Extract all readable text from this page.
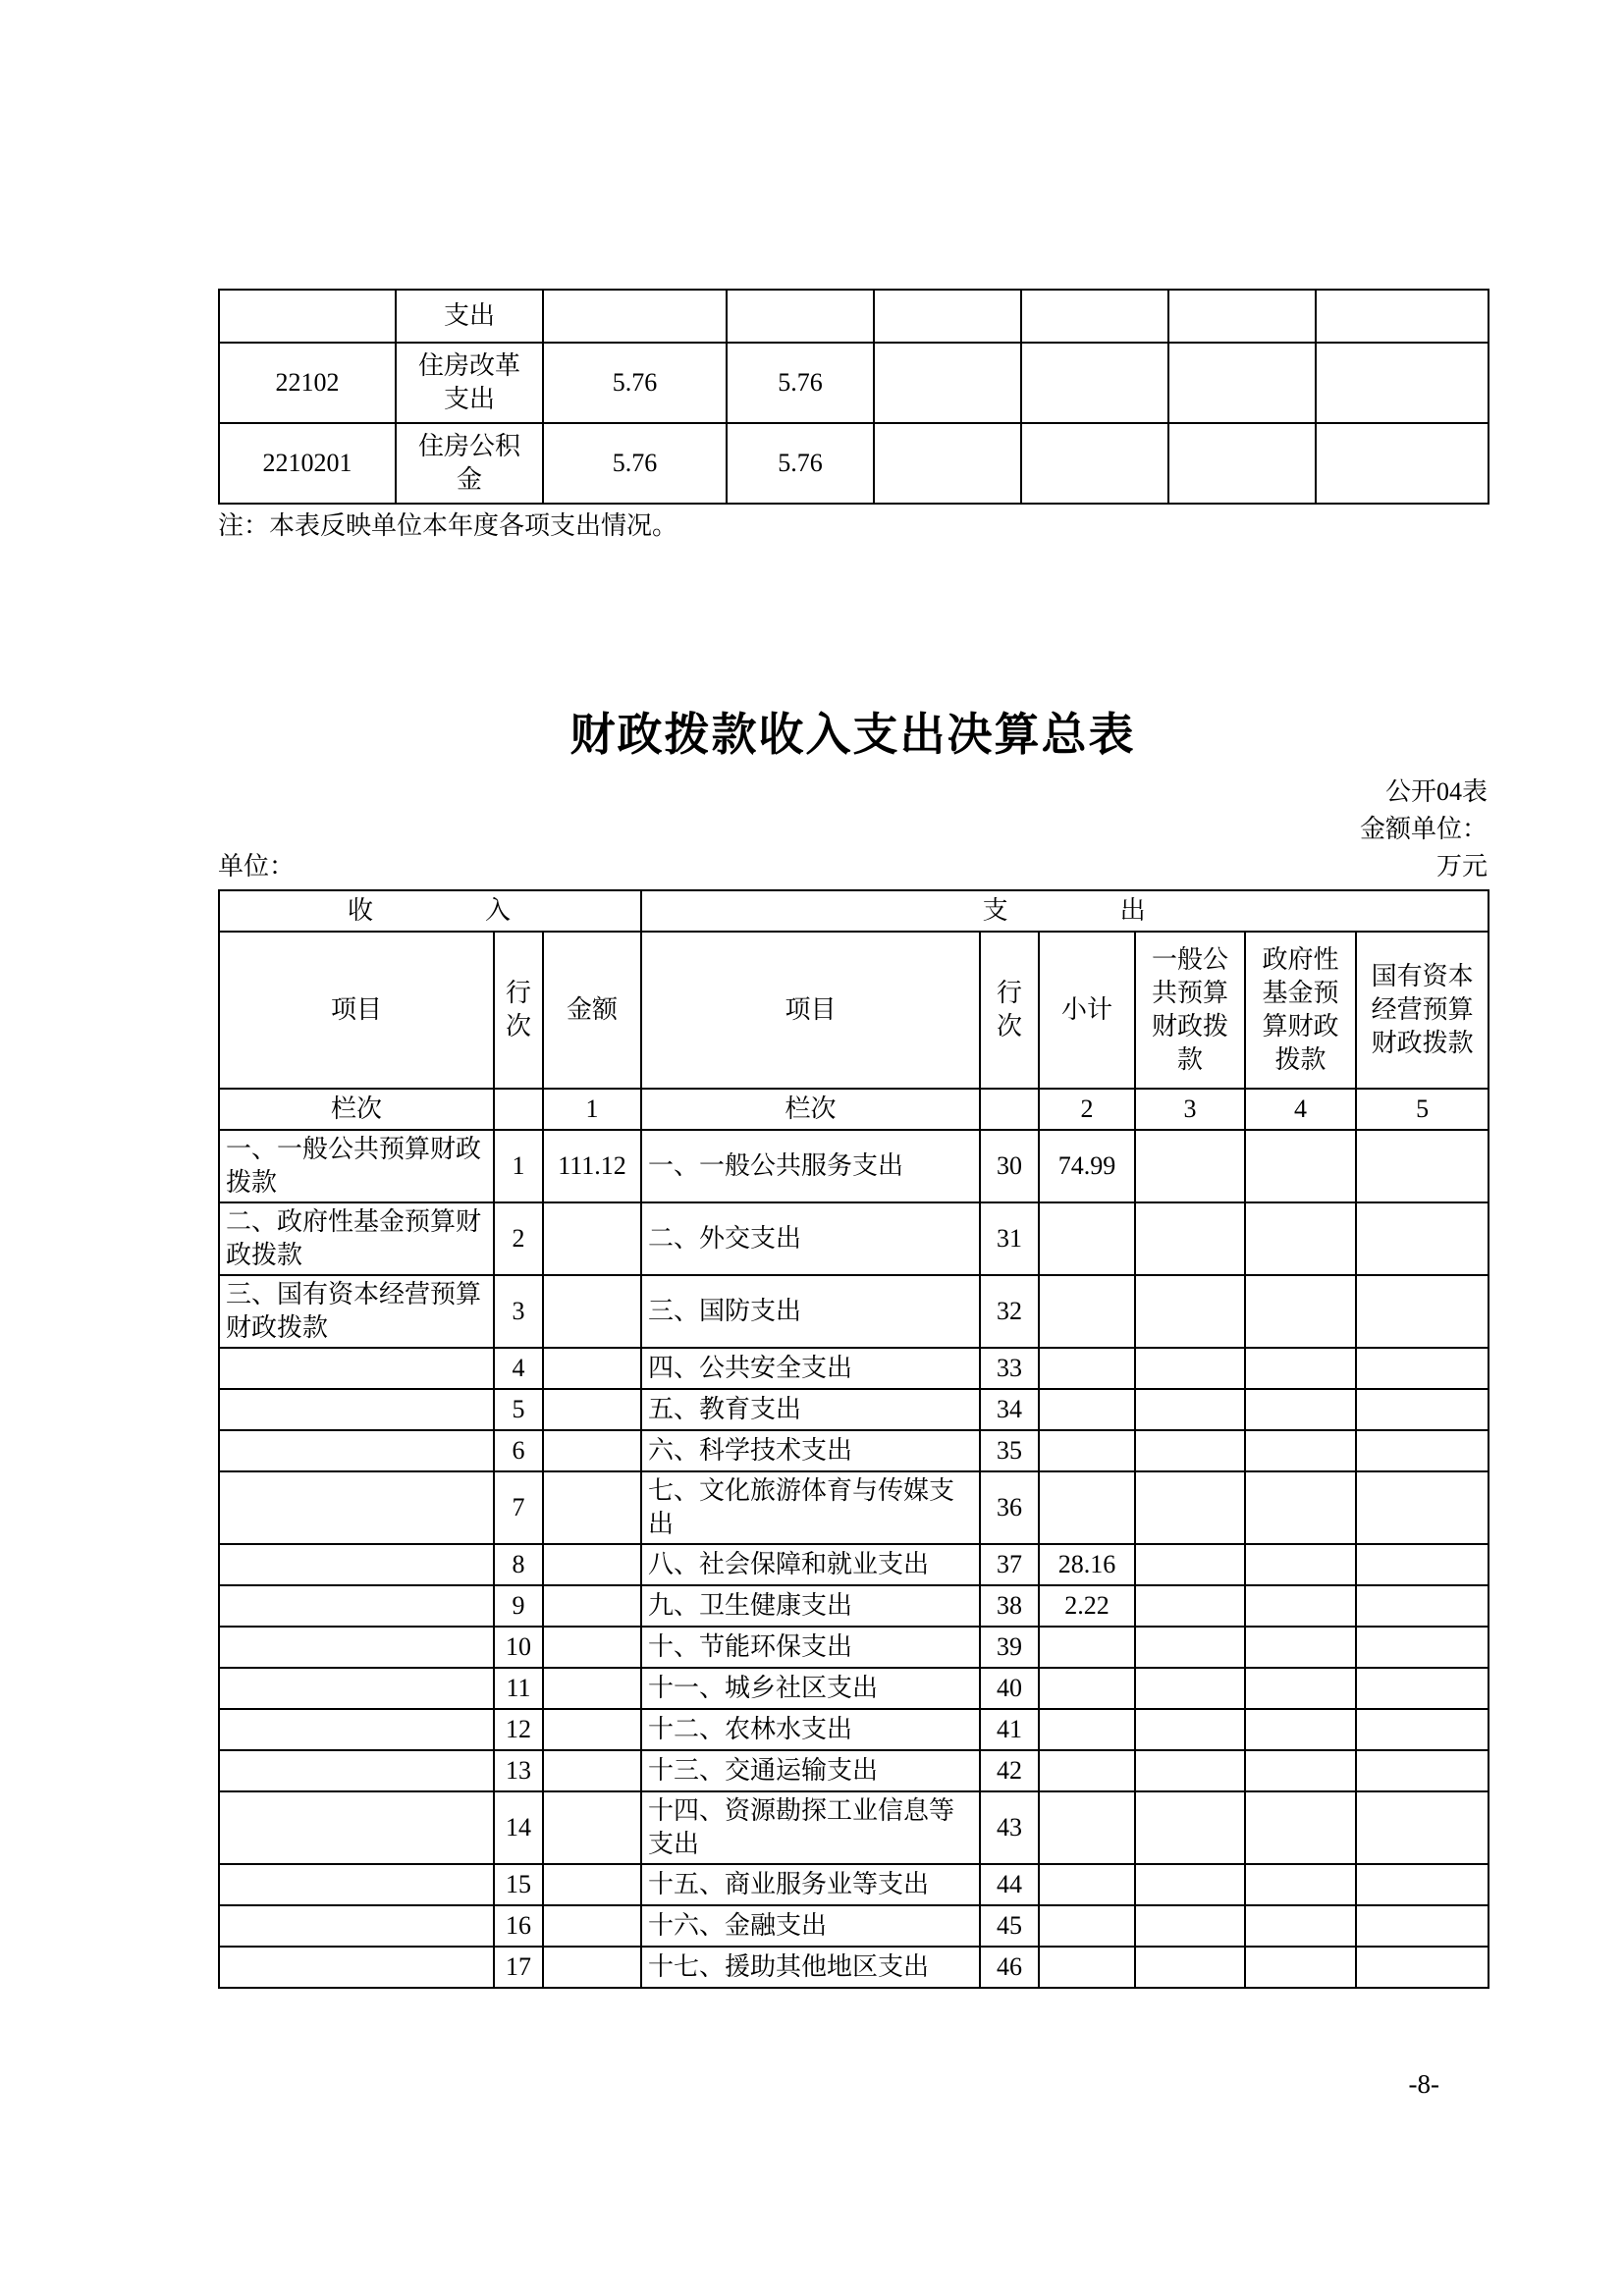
	支出						
22102	住房改革支出	5.76	5.76				
2210201	住房公积金	5.76	5.76				
注：本表反映单位本年度各项支出情况。
财政拨款收入支出决算总表
公开04表
金额单位：
单位：	万元
收　　　　入			支　　　　出					
项目	行次	金额	项目	行次	小计	一般公共预算财政拨款	政府性基金预算财政拨款	国有资本经营预算财政拨款
栏次		1	栏次		2	3	4	5
一、一般公共预算财政拨款	1	111.12	一、一般公共服务支出	30	74.99			
二、政府性基金预算财政拨款	2		二、外交支出	31				
三、国有资本经营预算财政拨款	3		三、国防支出	32				
	4		四、公共安全支出	33				
	5		五、教育支出	34				
	6		六、科学技术支出	35				
	7		七、文化旅游体育与传媒支出	36				
	8		八、社会保障和就业支出	37	28.16			
	9		九、卫生健康支出	38	2.22			
	10		十、节能环保支出	39				
	11		十一、城乡社区支出	40				
	12		十二、农林水支出	41				
	13		十三、交通运输支出	42				
	14		十四、资源勘探工业信息等支出	43				
	15		十五、商业服务业等支出	44				
	16		十六、金融支出	45				
	17		十七、援助其他地区支出	46				
-8-
